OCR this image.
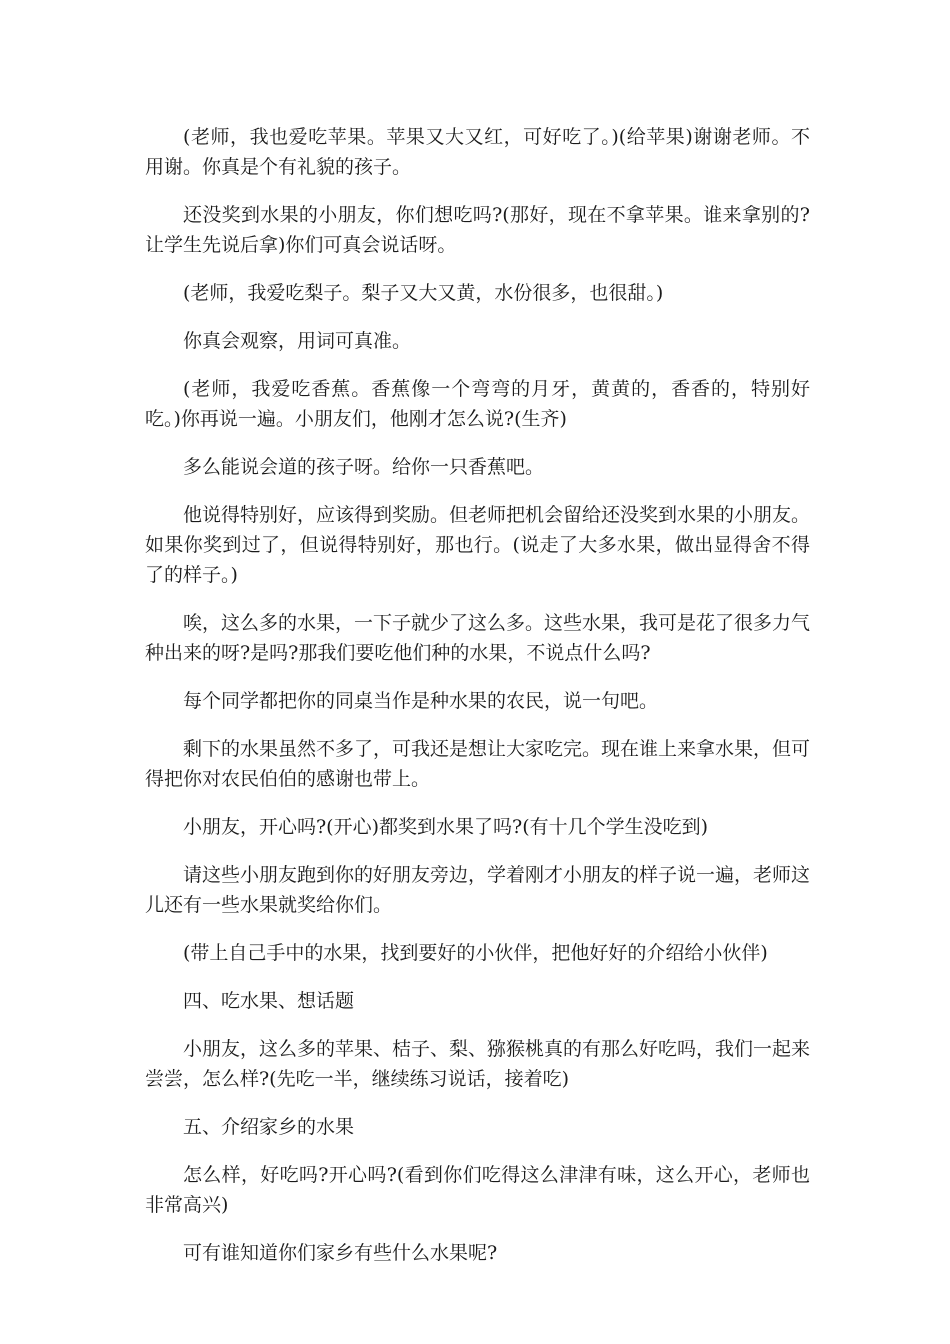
(老师，我也爱吃苹果。苹果又大又红，可好吃了。)(给苹果)谢谢老师。不用谢。你真是个有礼貌的孩子。

还没奖到水果的小朋友，你们想吃吗?(那好，现在不拿苹果。谁来拿别的?让学生先说后拿)你们可真会说话呀。

(老师，我爱吃梨子。梨子又大又黄，水份很多，也很甜。)

你真会观察，用词可真准。

(老师，我爱吃香蕉。香蕉像一个弯弯的月牙，黄黄的，香香的，特别好吃。)你再说一遍。小朋友们，他刚才怎么说?(生齐)

多么能说会道的孩子呀。给你一只香蕉吧。

他说得特别好，应该得到奖励。但老师把机会留给还没奖到水果的小朋友。如果你奖到过了，但说得特别好，那也行。(说走了大多水果，做出显得舍不得了的样子。)

唉，这么多的水果，一下子就少了这么多。这些水果，我可是花了很多力气种出来的呀?是吗?那我们要吃他们种的水果，不说点什么吗?

每个同学都把你的同桌当作是种水果的农民，说一句吧。

剩下的水果虽然不多了，可我还是想让大家吃完。现在谁上来拿水果，但可得把你对农民伯伯的感谢也带上。

小朋友，开心吗?(开心)都奖到水果了吗?(有十几个学生没吃到)

请这些小朋友跑到你的好朋友旁边，学着刚才小朋友的样子说一遍，老师这儿还有一些水果就奖给你们。

(带上自己手中的水果，找到要好的小伙伴，把他好好的介绍给小伙伴)

四、吃水果、想话题

小朋友，这么多的苹果、桔子、梨、猕猴桃真的有那么好吃吗，我们一起来尝尝，怎么样?(先吃一半，继续练习说话，接着吃)

五、介绍家乡的水果

怎么样，好吃吗?开心吗?(看到你们吃得这么津津有味，这么开心，老师也非常高兴)

可有谁知道你们家乡有些什么水果呢?
